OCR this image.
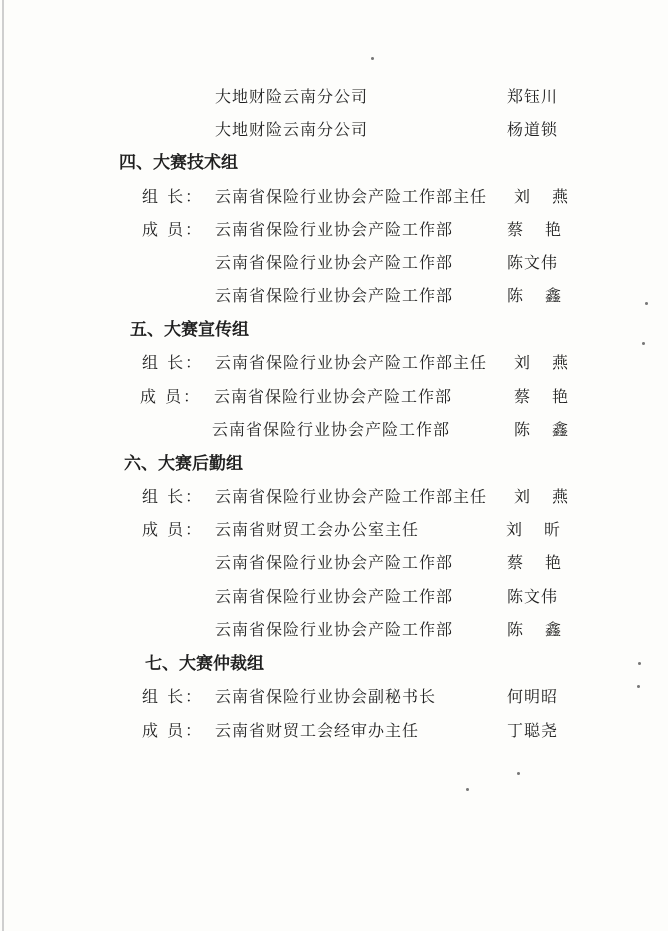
大地财险云南分公司	郑钰川
大地财险云南分公司	杨道锁
四、大赛技术组
组 长： 云南省保险行业协会产险工作部主任 刘燕
成 员： 云南省保险行业协会产险工作部	蔡艳
云南省保险行业协会产险工作部	陈文伟
云南省保险行业协会产险工作部	陈鑫
五、大赛宣传组
组 长： 云南省保险行业协会产险工作部主任 刘燕
成 员： 云南省保险行业协会产险工作部	蔡艳
云南省保险行业协会产险工作部	陈鑫
六、大赛后勤组
组 长： 云南省保险行业协会产险工作部主任 刘燕
成 员： 云南省财贸工会办公室主任	刘昕
云南省保险行业协会产险工作部	蔡艳
云南省保险行业协会产险工作部	陈文伟
云南省保险行业协会产险工作部	陈鑫
七、大赛仲裁组
组 长： 云南省保险行业协会副秘书长	何明昭
成 员： 云南省财贸工会经审办主任	丁聪尧
